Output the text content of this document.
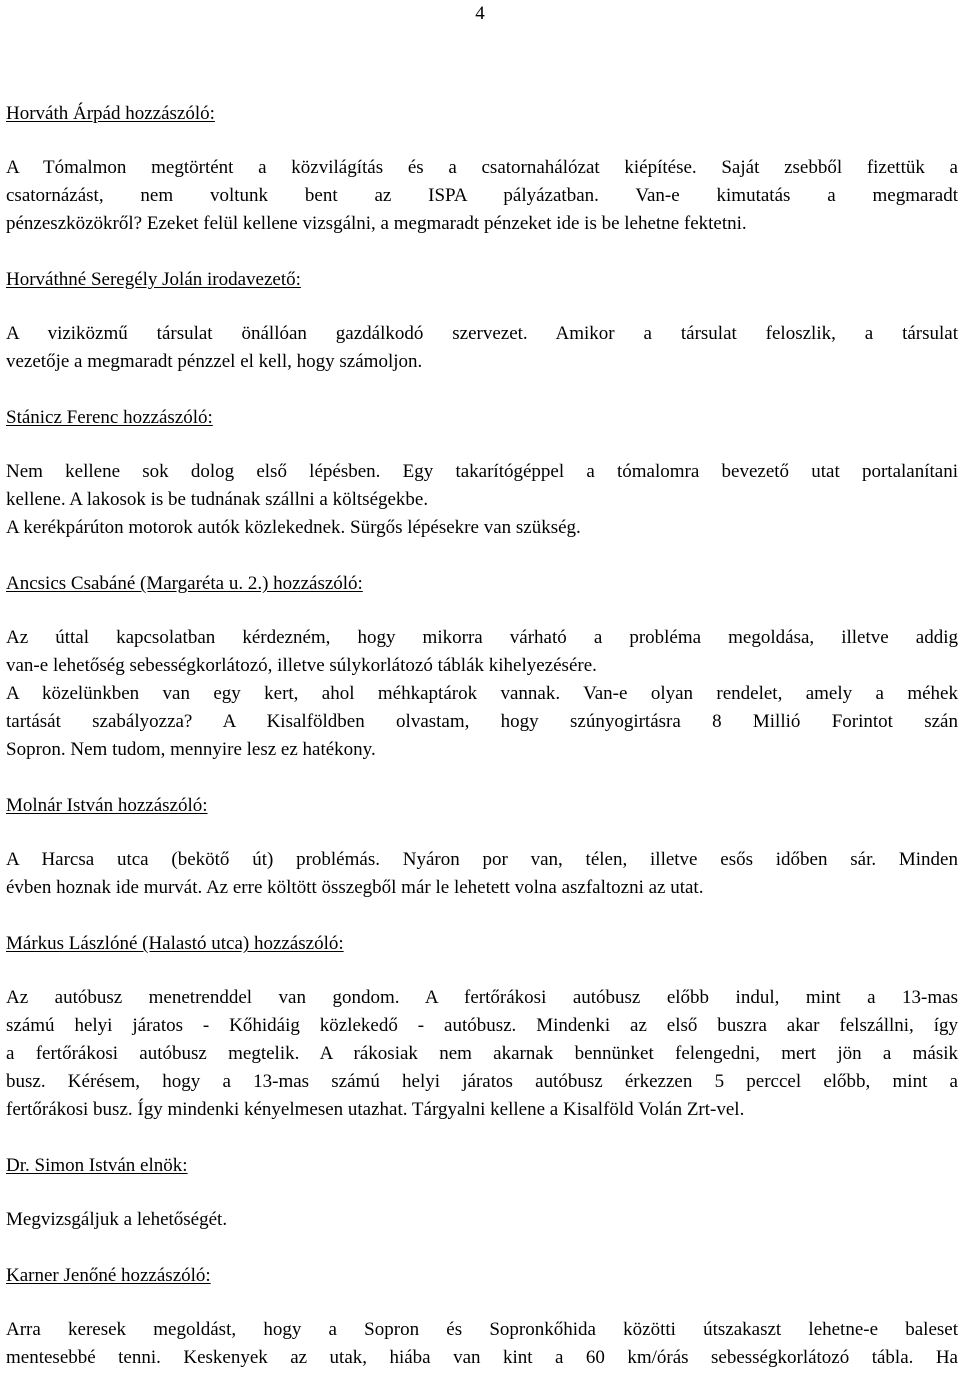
4
Horváth Árpád hozzászóló:
A Tómalmon megtörtént a közvilágítás és a csatornahálózat kiépítése. Saját zsebből fizettük a
csatornázást, nem voltunk bent az ISPA pályázatban. Van-e kimutatás a megmaradt
pénzeszközökről? Ezeket felül kellene vizsgálni, a megmaradt pénzeket ide is be lehetne fektetni.
Horváthné Seregély Jolán irodavezető:
A viziközmű társulat önállóan gazdálkodó szervezet. Amikor a társulat feloszlik, a társulat
vezetője a megmaradt pénzzel el kell, hogy számoljon.
Stánicz Ferenc hozzászóló:
Nem kellene sok dolog első lépésben. Egy takarítógéppel a tómalomra bevezető utat portalanítani
kellene. A lakosok is be tudnának szállni a költségekbe.
A kerékpárúton motorok autók közlekednek. Sürgős lépésekre van szükség.
Ancsics Csabáné (Margaréta u. 2.) hozzászóló:
Az úttal kapcsolatban kérdezném, hogy mikorra várható a probléma megoldása, illetve addig
van-e lehetőség sebességkorlátozó, illetve súlykorlátozó táblák kihelyezésére.
A közelünkben van egy kert, ahol méhkaptárok vannak. Van-e olyan rendelet, amely a méhek
tartását szabályozza? A Kisalföldben olvastam, hogy szúnyogirtásra 8 Millió Forintot szán
Sopron. Nem tudom, mennyire lesz ez hatékony.
Molnár István hozzászóló:
A Harcsa utca (bekötő út) problémás. Nyáron por van, télen, illetve esős időben sár. Minden
évben hoznak ide murvát. Az erre költött összegből már le lehetett volna aszfaltozni az utat.
Márkus Lászlóné (Halastó utca) hozzászóló:
Az autóbusz menetrenddel van gondom. A fertőrákosi autóbusz előbb indul, mint a 13-mas
számú helyi járatos - Kőhidáig közlekedő - autóbusz. Mindenki az első buszra akar felszállni, így
a fertőrákosi autóbusz megtelik. A rákosiak nem akarnak bennünket felengedni, mert jön a másik
busz. Kérésem, hogy a 13-mas számú helyi járatos autóbusz érkezzen 5 perccel előbb, mint a
fertőrákosi busz. Így mindenki kényelmesen utazhat. Tárgyalni kellene a Kisalföld Volán Zrt-vel.
Dr. Simon István elnök:
Megvizsgáljuk a lehetőségét.
Karner Jenőné hozzászóló:
Arra keresek megoldást, hogy a Sopron és Sopronkőhida közötti útszakaszt lehetne-e baleset
mentesebbé tenni. Keskenyek az utak, hiába van kint a 60 km/órás sebességkorlátozó tábla. Ha
